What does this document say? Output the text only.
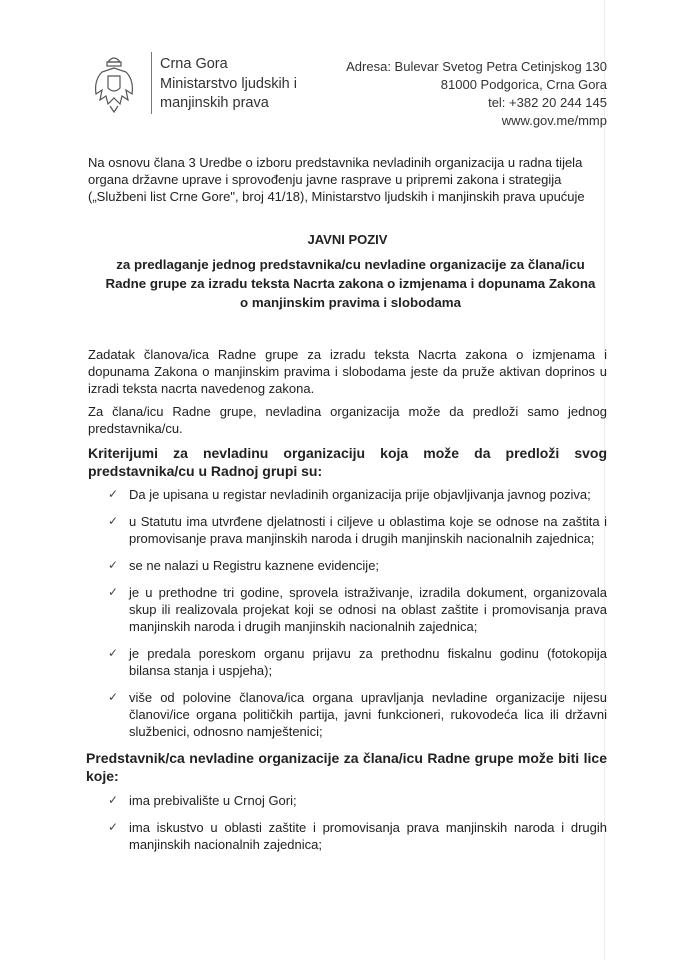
Crna Gora
Ministarstvo ljudskih i
manjinskih prava
Adresa: Bulevar Svetog Petra Cetinjskog 130
81000 Podgorica, Crna Gora
tel: +382 20 244 145
www.gov.me/mmp
Na osnovu člana 3 Uredbe o izboru predstavnika nevladinih organizacija u radna tijela organa državne uprave i sprovođenju javne rasprave u pripremi zakona i strategija („Službeni list Crne Gore", broj 41/18), Ministarstvo ljudskih i manjinskih prava upućuje
JAVNI POZIV
za predlaganje jednog predstavnika/cu nevladine organizacije za člana/icu Radne grupe za izradu teksta Nacrta zakona o izmjenama i dopunama Zakona o manjinskim pravima i slobodama
Zadatak članova/ica Radne grupe za izradu teksta Nacrta zakona o izmjenama i dopunama Zakona o manjinskim pravima i slobodama jeste da pruže aktivan doprinos u izradi teksta nacrta navedenog zakona.
Za člana/icu Radne grupe, nevladina organizacija može da predloži samo jednog predstavnika/cu.
Kriterijumi za nevladinu organizaciju koja može da predloži svog predstavnika/cu u Radnoj grupi su:
✓ Da je upisana u registar nevladinih organizacija prije objavljivanja javnog poziva;
✓ u Statutu ima utvrđene djelatnosti i ciljeve u oblastima koje se odnose na zaštita i promovisanje prava manjinskih naroda i drugih manjinskih nacionalnih zajednica;
✓ se ne nalazi u Registru kaznene evidencije;
✓ je u prethodne tri godine, sprovela istraživanje, izradila dokument, organizovala skup ili realizovala projekat koji se odnosi na oblast zaštite i promovisanja prava manjinskih naroda i drugih manjinskih nacionalnih zajednica;
✓ je predala poreskom organu prijavu za prethodnu fiskalnu godinu (fotokopija bilansa stanja i uspjeha);
✓ više od polovine članova/ica organa upravljanja nevladine organizacije nijesu članovi/ice organa političkih partija, javni funkcioneri, rukovodeća lica ili državni službenici, odnosno namještenici;
Predstavnik/ca nevladine organizacije za člana/icu Radne grupe može biti lice koje:
✓ ima prebivalište u Crnoj Gori;
✓ ima iskustvo u oblasti zaštite i promovisanja prava manjinskih naroda i drugih manjinskih nacionalnih zajednica;
